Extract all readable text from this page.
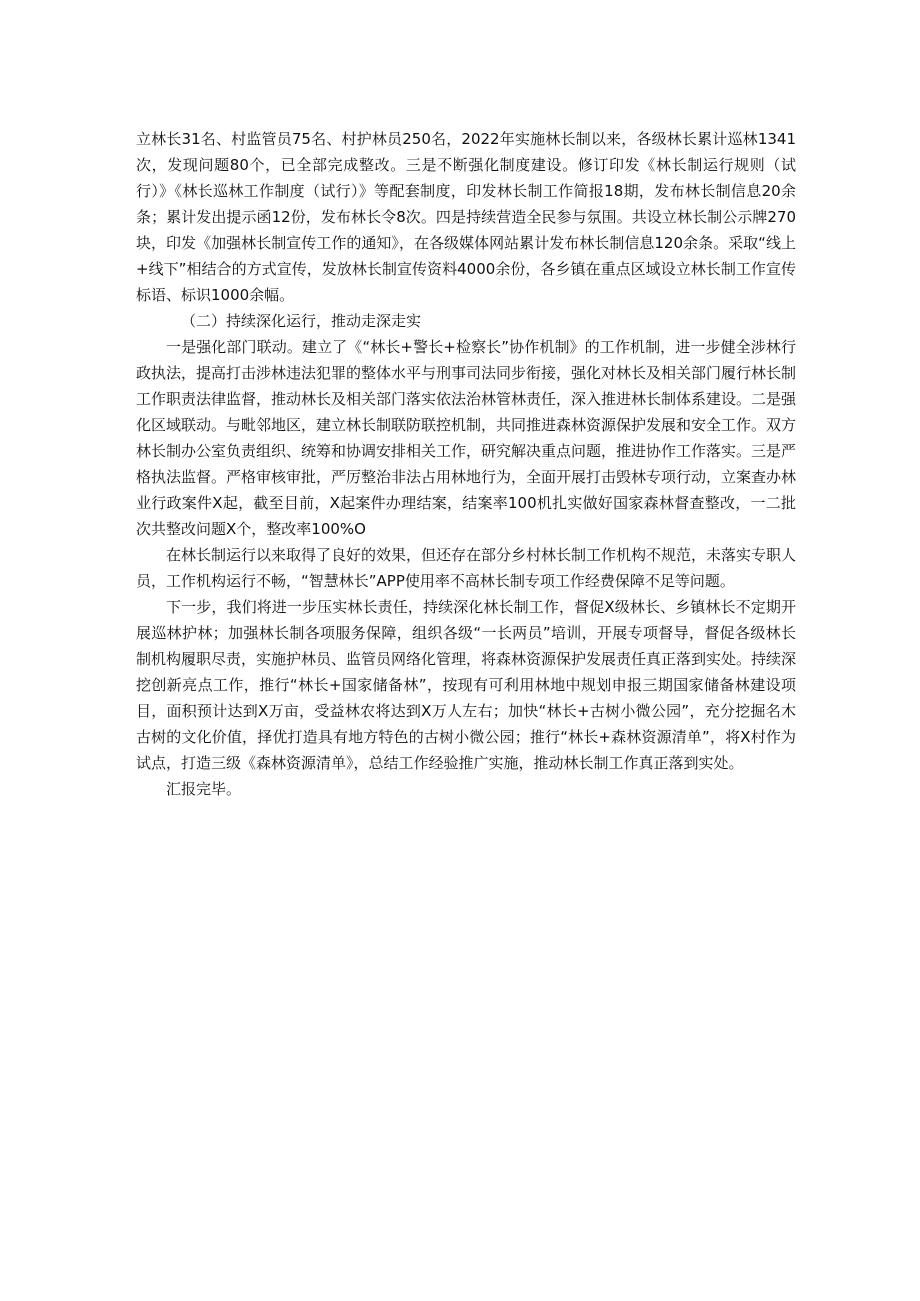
立林长31名、村监管员75名、村护林员250名，2022年实施林长制以来，各级林长累计巡林1341次，发现问题80个，已全部完成整改。三是不断强化制度建设。修订印发《林长制运行规则（试行）》《林长巡林工作制度（试行）》等配套制度，印发林长制工作简报18期，发布林长制信息20余条；累计发出提示函12份，发布林长令8次。四是持续营造全民参与氛围。共设立林长制公示牌270块，印发《加强林长制宣传工作的通知》，在各级媒体网站累计发布林长制信息120余条。采取“线上+线下”相结合的方式宣传，发放林长制宣传资料4000余份，各乡镇在重点区域设立林长制工作宣传标语、标识1000余幅。

（二）持续深化运行，推动走深走实

一是强化部门联动。建立了《“林长+警长+检察长”协作机制》的工作机制，进一步健全涉林行政执法，提高打击涉林违法犯罪的整体水平与刑事司法同步衔接，强化对林长及相关部门履行林长制工作职责法律监督，推动林长及相关部门落实依法治林管林责任，深入推进林长制体系建设。二是强化区域联动。与毗邻地区，建立林长制联防联控机制，共同推进森林资源保护发展和安全工作。双方林长制办公室负责组织、统筹和协调安排相关工作，研究解决重点问题，推进协作工作落实。三是严格执法监督。严格审核审批，严厉整治非法占用林地行为，全面开展打击毁林专项行动，立案查办林业行政案件X起，截至目前，X起案件办理结案，结案率100机扎实做好国家森林督查整改，一二批次共整改问题X个，整改率100%O

在林长制运行以来取得了良好的效果，但还存在部分乡村林长制工作机构不规范，未落实专职人员，工作机构运行不畅，“智慧林长”APP使用率不高林长制专项工作经费保障不足等问题。

下一步，我们将进一步压实林长责任，持续深化林长制工作，督促X级林长、乡镇林长不定期开展巡林护林；加强林长制各项服务保障，组织各级“一长两员”培训，开展专项督导，督促各级林长制机构履职尽责，实施护林员、监管员网络化管理，将森林资源保护发展责任真正落到实处。持续深挖创新亮点工作，推行“林长+国家储备林”，按现有可利用林地中规划申报三期国家储备林建设项目，面积预计达到X万亩，受益林农将达到X万人左右；加快“林长+古树小微公园”，充分挖掘名木古树的文化价值，择优打造具有地方特色的古树小微公园；推行“林长+森林资源清单”，将X村作为试点，打造三级《森林资源清单》，总结工作经验推广实施，推动林长制工作真正落到实处。

汇报完毕。
